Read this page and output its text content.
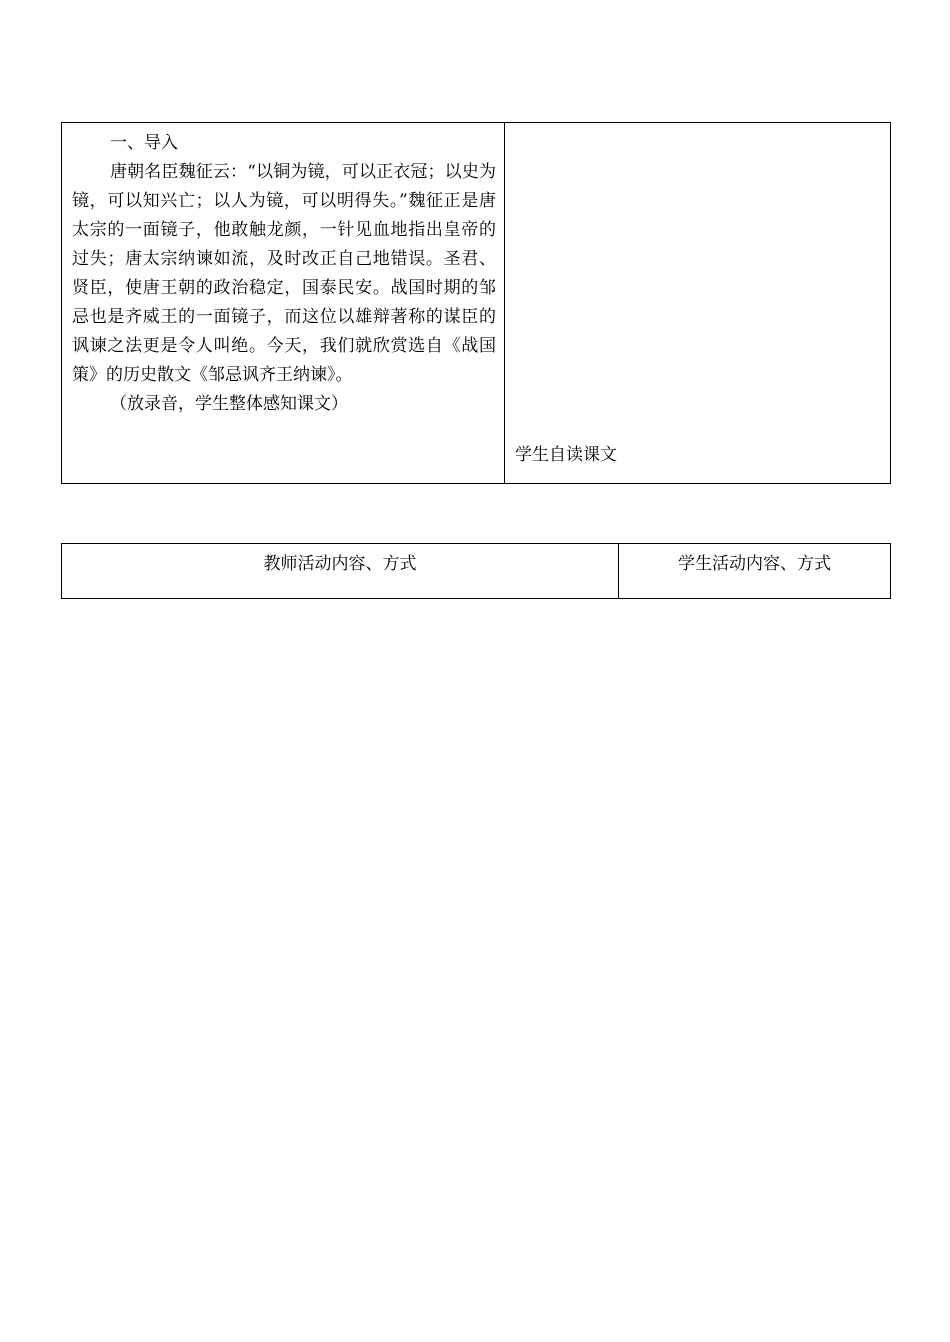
一、导入

唐朝名臣魏征云：“以铜为镜，可以正衣冠；以史为镜，可以知兴亡；以人为镜，可以明得失。”魏征正是唐太宗的一面镜子，他敢触龙颜，一针见血地指出皇帝的过失；唐太宗纳谏如流，及时改正自己地错误。圣君、贤臣，使唐王朝的政治稳定，国泰民安。战国时期的邹忌也是齐威王的一面镜子，而这位以雄辩著称的谋臣的讽谏之法更是令人叫绝。今天，我们就欣赏选自《战国策》的历史散文《邹忌讽齐王纳谏》。

（放录音，学生整体感知课文）

学生自读课文
教师活动内容、方式	学生活动内容、方式
